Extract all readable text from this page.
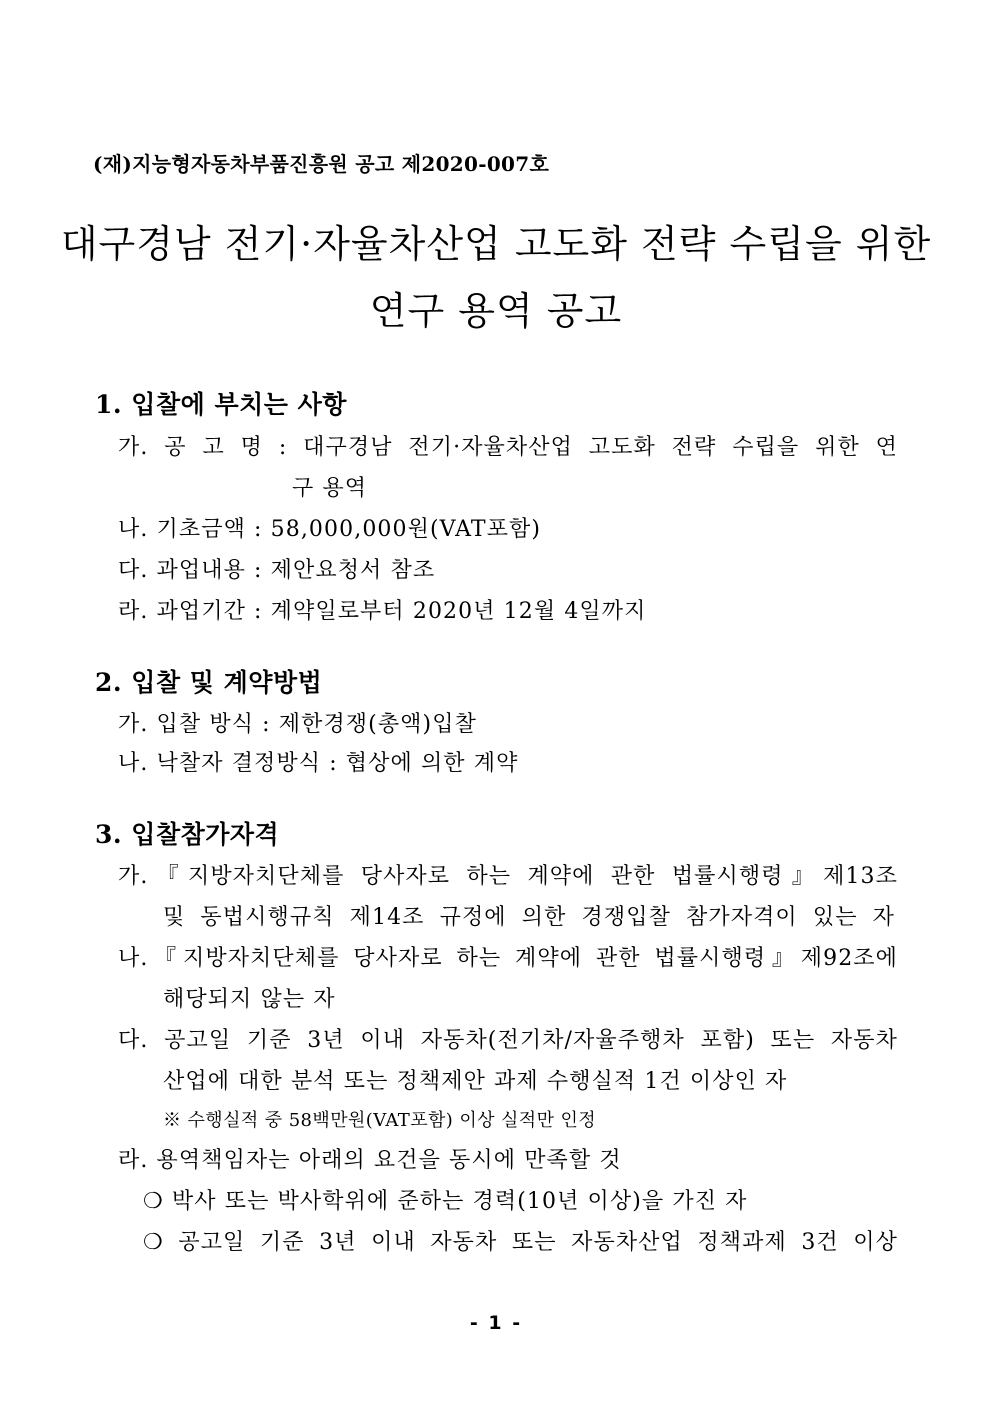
(재)지능형자동차부품진흥원 공고 제2020-007호
대구경남 전기·자율차산업 고도화 전략 수립을 위한
연구 용역 공고
1. 입찰에 부치는 사항
가. 공 고 명 : 대구경남 전기·자율차산업 고도화 전략 수립을 위한 연
구 용역
나. 기초금액 : 58,000,000원(VAT포함)
다. 과업내용 : 제안요청서 참조
라. 과업기간 : 계약일로부터 2020년 12월 4일까지
2. 입찰 및 계약방법
가. 입찰 방식 : 제한경쟁(총액)입찰
나. 낙찰자 결정방식 : 협상에 의한 계약
3. 입찰참가자격
가.『지방자치단체를 당사자로 하는 계약에 관한 법률시행령』제13조
및 동법시행규칙 제14조 규정에 의한 경쟁입찰 참가자격이 있는 자
나.『지방자치단체를 당사자로 하는 계약에 관한 법률시행령』제92조에
해당되지 않는 자
다. 공고일 기준 3년 이내 자동차(전기차/자율주행차 포함) 또는 자동차
산업에 대한 분석 또는 정책제안 과제 수행실적 1건 이상인 자
※ 수행실적 중 58백만원(VAT포함) 이상 실적만 인정
라. 용역책임자는 아래의 요건을 동시에 만족할 것
❍ 박사 또는 박사학위에 준하는 경력(10년 이상)을 가진 자
❍ 공고일 기준 3년 이내 자동차 또는 자동차산업 정책과제 3건 이상
- 1 -
